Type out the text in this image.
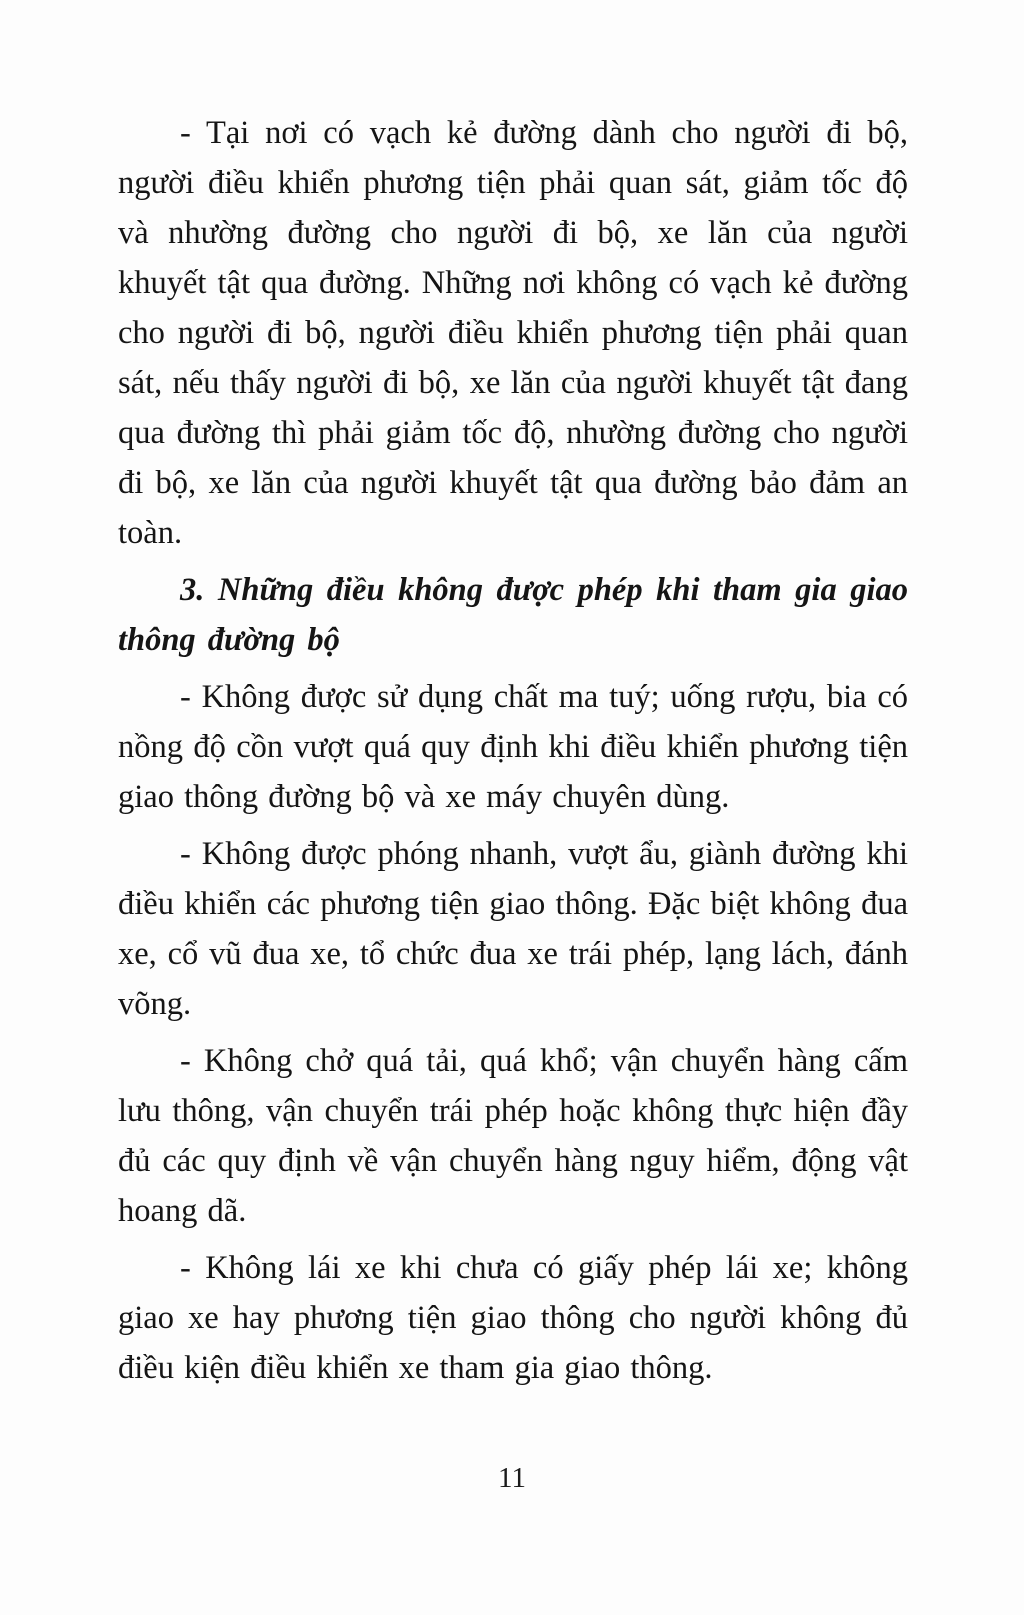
- Tại nơi có vạch kẻ đường dành cho người đi bộ, người điều khiển phương tiện phải quan sát, giảm tốc độ và nhường đường cho người đi bộ, xe lăn của người khuyết tật qua đường. Những nơi không có vạch kẻ đường cho người đi bộ, người điều khiển phương tiện phải quan sát, nếu thấy người đi bộ, xe lăn của người khuyết tật đang qua đường thì phải giảm tốc độ, nhường đường cho người đi bộ, xe lăn của người khuyết tật qua đường bảo đảm an toàn.

3. Những điều không được phép khi tham gia giao thông đường bộ

- Không được sử dụng chất ma tuý; uống rượu, bia có nồng độ cồn vượt quá quy định khi điều khiển phương tiện giao thông đường bộ và xe máy chuyên dùng.

- Không được phóng nhanh, vượt ẩu, giành đường khi điều khiển các phương tiện giao thông. Đặc biệt không đua xe, cổ vũ đua xe, tổ chức đua xe trái phép, lạng lách, đánh võng.

- Không chở quá tải, quá khổ; vận chuyển hàng cấm lưu thông, vận chuyển trái phép hoặc không thực hiện đầy đủ các quy định về vận chuyển hàng nguy hiểm, động vật hoang dã.

- Không lái xe khi chưa có giấy phép lái xe; không giao xe hay phương tiện giao thông cho người không đủ điều kiện điều khiển xe tham gia giao thông.

11
